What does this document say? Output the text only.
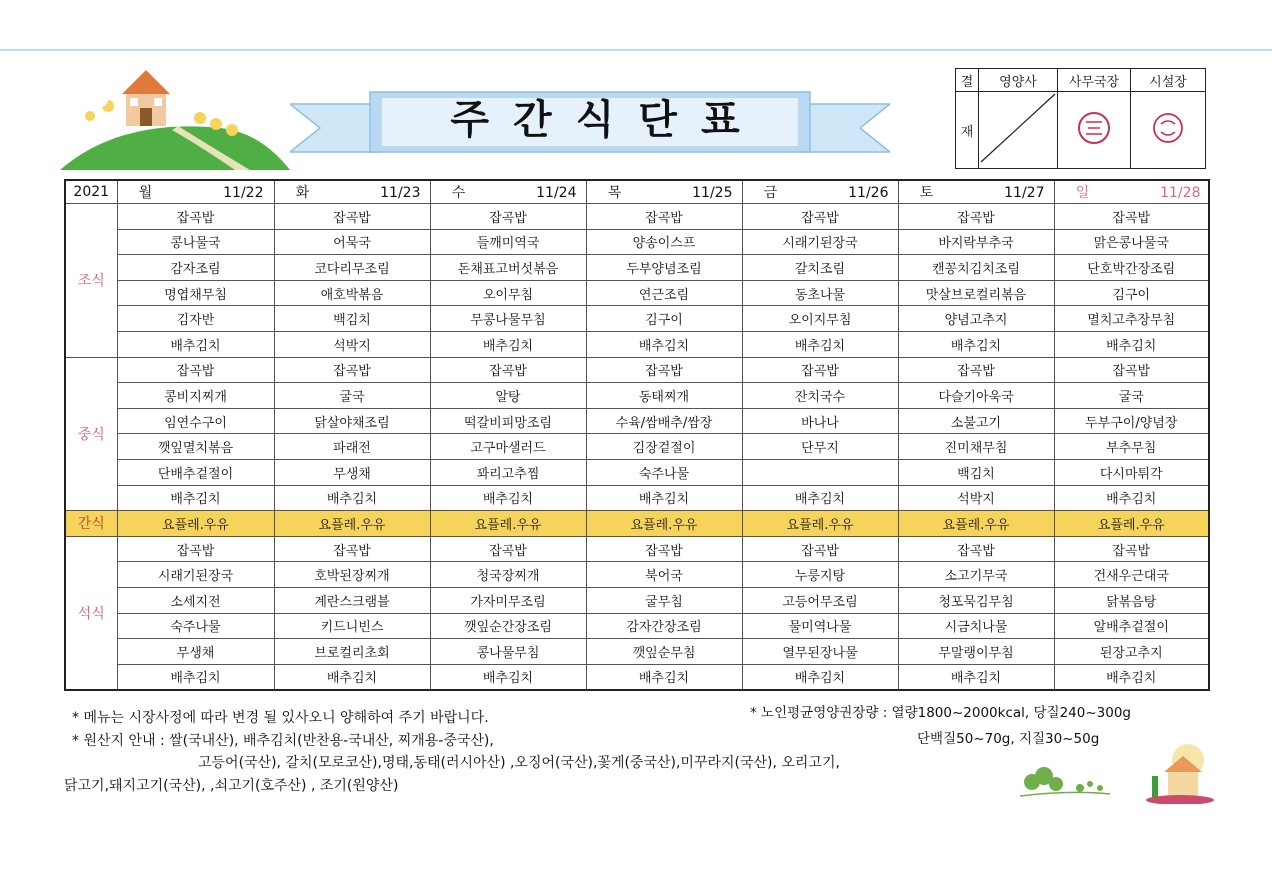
주간식단표
결	영양사	사무국장	시설장
재			
2021	월 11/22	화 11/23	수 11/24	목 11/25	금 11/26	토 11/27	일 11/28
조식	잡곡밥	잡곡밥	잡곡밥	잡곡밥	잡곡밥	잡곡밥	잡곡밥
	콩나물국	어묵국	들깨미역국	양송이스프	시래기된장국	바지락부추국	맑은콩나물국
	감자조림	코다리무조림	돈채표고버섯볶음	두부양념조림	갈치조림	캔꽁치김치조림	단호박간장조림
	명엽채무침	애호박볶음	오이무침	연근조림	동초나물	맛살브로컬리볶음	김구이
	김자반	백김치	무콩나물무침	김구이	오이지무침	양념고추지	멸치고추장무침
	배추김치	석박지	배추김치	배추김치	배추김치	배추김치	배추김치
중식	잡곡밥	잡곡밥	잡곡밥	잡곡밥	잡곡밥	잡곡밥	잡곡밥
	콩비지찌개	굴국	알탕	동태찌개	잔치국수	다슬기아욱국	굴국
	임연수구이	닭살야채조림	떡갈비피망조림	수육/쌈배추/쌈장	바나나	소불고기	두부구이/양념장
	깻잎멸치볶음	파래전	고구마샐러드	김장겉절이	단무지	진미채무침	부추무침
	단배추겉절이	무생채	꽈리고추찜	숙주나물		백김치	다시마튀각
	배추김치	배추김치	배추김치	배추김치	배추김치	석박지	배추김치
간식	요플레.우유	요플레.우유	요플레.우유	요플레.우유	요플레.우유	요플레.우유	요플레.우유
석식	잡곡밥	잡곡밥	잡곡밥	잡곡밥	잡곡밥	잡곡밥	잡곡밥
	시래기된장국	호박된장찌개	청국장찌개	북어국	누룽지탕	소고기무국	건새우근대국
	소세지전	계란스크램블	가자미무조림	굴무침	고등어무조림	청포묵김무침	닭볶음탕
	숙주나물	키드니빈스	깻잎순간장조림	감자간장조림	물미역나물	시금치나물	알배추겉절이
	무생채	브로컬리초회	콩나물무침	깻잎순무침	열무된장나물	무말랭이무침	된장고추지
	배추김치	배추김치	배추김치	배추김치	배추김치	배추김치	배추김치
* 메뉴는 시장사정에 따라 변경 될 있사오니 양해하여 주기 바랍니다.
* 원산지 안내 : 쌀(국내산), 배추김치(반찬용-국내산, 찌개용-중국산),
고등어(국산), 갈치(모로코산),명태,동태(러시아산) ,오징어(국산),꽃게(중국산),미꾸라지(국산), 오리고기,
닭고기,돼지고기(국산), ,쇠고기(호주산) , 조기(원양산)
* 노인평균영양권장량 : 열량1800~2000kcal, 당질240~300g
단백질50~70g, 지질30~50g
